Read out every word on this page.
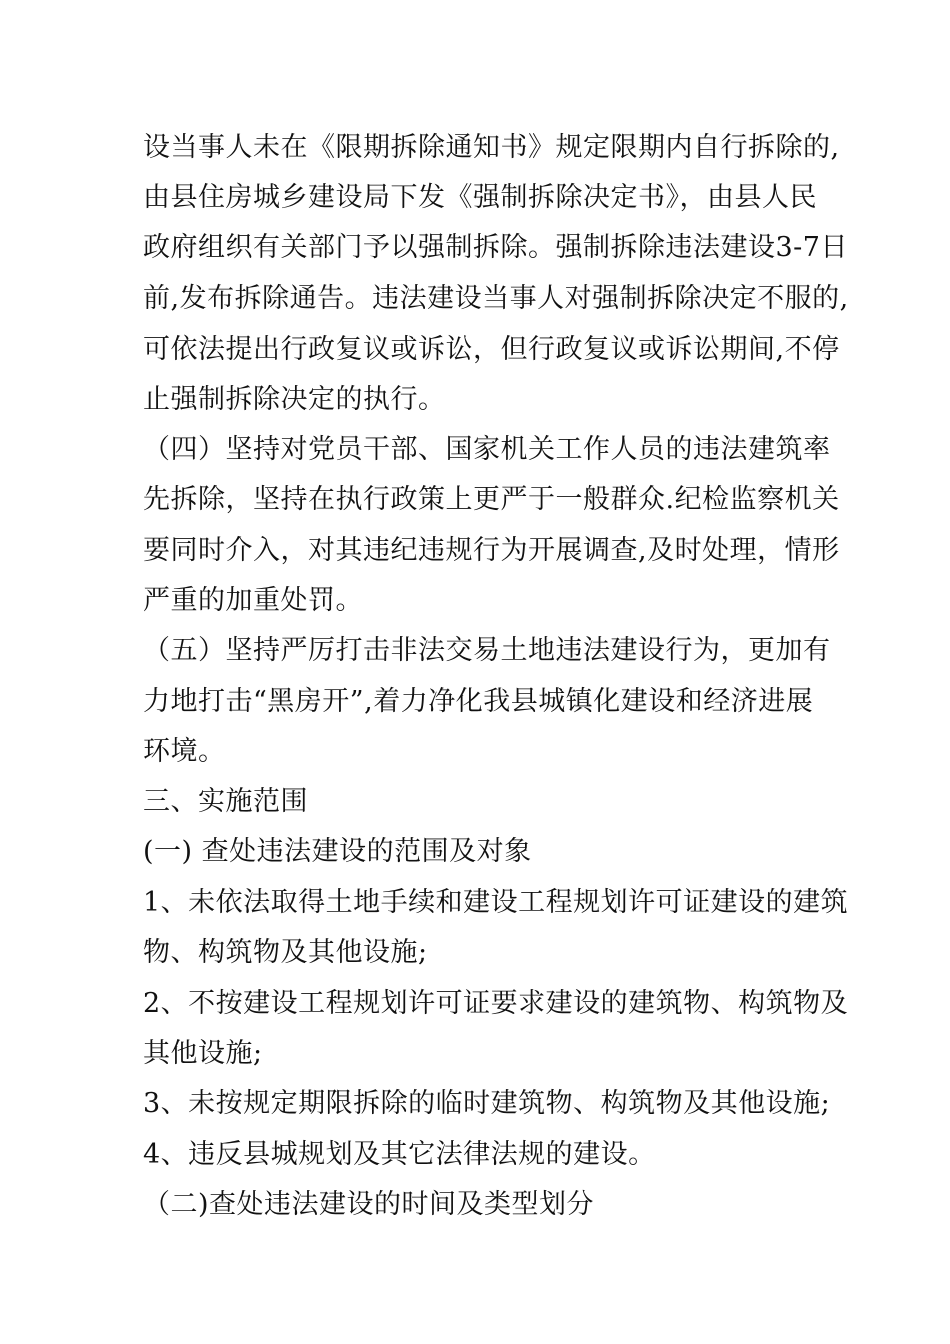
设当事人未在《限期拆除通知书》规定限期内自行拆除的,
由县住房城乡建设局下发《强制拆除决定书》，由县人民
政府组织有关部门予以强制拆除。强制拆除违法建设3-7日
前,发布拆除通告。违法建设当事人对强制拆除决定不服的,
可依法提出行政复议或诉讼，但行政复议或诉讼期间,不停
止强制拆除决定的执行。
（四）坚持对党员干部、国家机关工作人员的违法建筑率
先拆除，坚持在执行政策上更严于一般群众.纪检监察机关
要同时介入，对其违纪违规行为开展调查,及时处理，情形
严重的加重处罚。
（五）坚持严厉打击非法交易土地违法建设行为，更加有
力地打击“黑房开”,着力净化我县城镇化建设和经济进展
环境。
三、实施范围
(一) 查处违法建设的范围及对象
1、未依法取得土地手续和建设工程规划许可证建设的建筑
物、构筑物及其他设施;
2、不按建设工程规划许可证要求建设的建筑物、构筑物及
其他设施;
3、未按规定期限拆除的临时建筑物、构筑物及其他设施;
4、违反县城规划及其它法律法规的建设。
（二)查处违法建设的时间及类型划分
